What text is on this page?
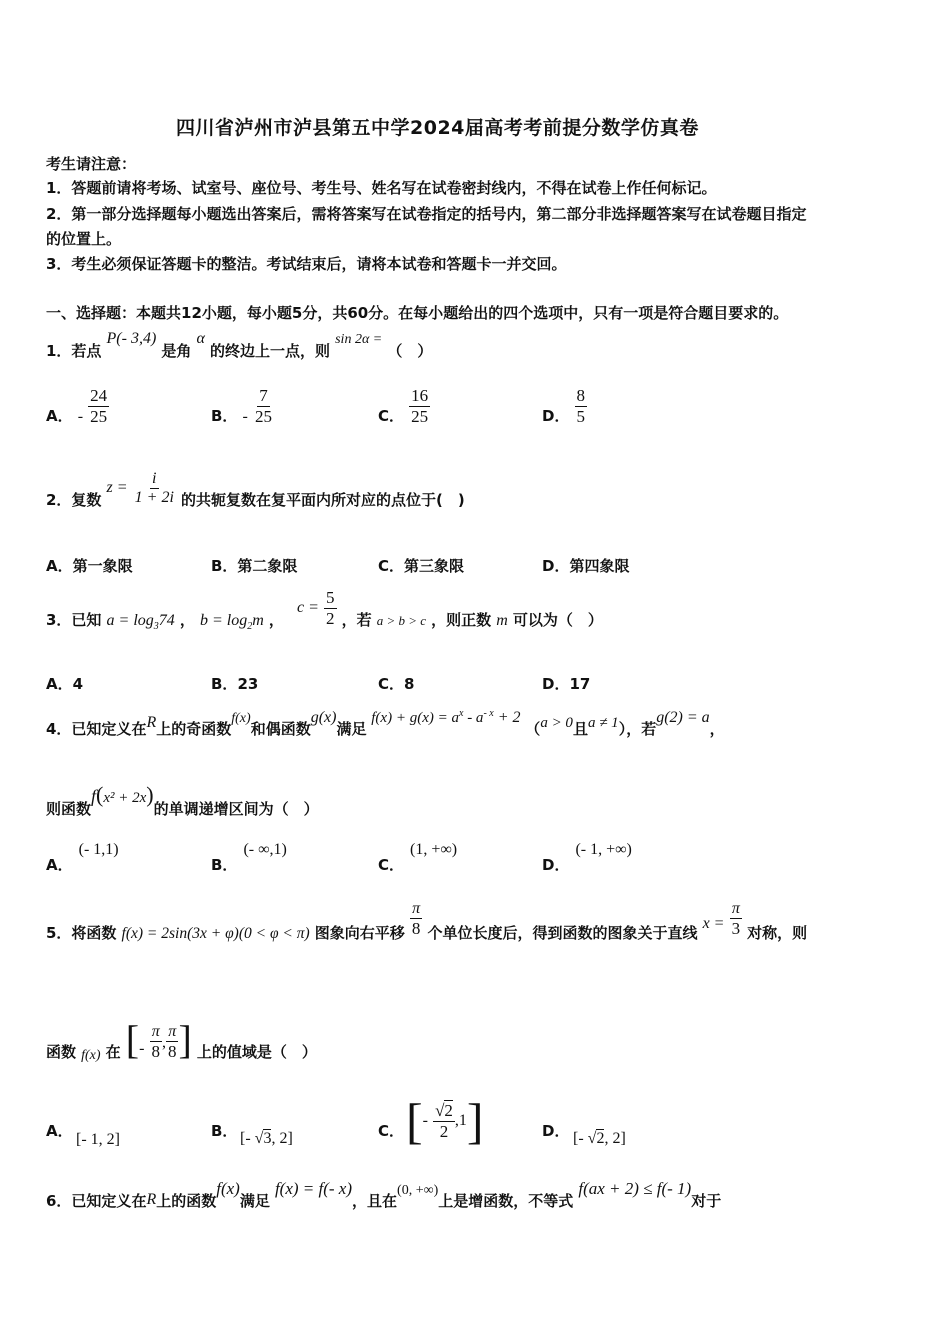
四川省泸州市泸县第五中学2024届高考考前提分数学仿真卷
考生请注意：
1．答题前请将考场、试室号、座位号、考生号、姓名写在试卷密封线内，不得在试卷上作任何标记。
2．第一部分选择题每小题选出答案后，需将答案写在试卷指定的括号内，第二部分非选择题答案写在试卷题目指定
的位置上。
3．考生必须保证答题卡的整洁。考试结束后，请将本试卷和答题卡一并交回。
一、选择题：本题共12小题，每小题5分，共60分。在每小题给出的四个选项中，只有一项是符合题目要求的。
1．若点 P(- 3,4) 是角 α 的终边上一点，则 sin 2α = （　）
A． - $\frac{24}{25}$	B． - $\frac{7}{25}$	C． $\frac{16}{25}$	D． $\frac{8}{5}$
2．复数 $z = \frac{i}{1 + 2i}$ 的共轭复数在复平面内所对应的点位于(　)
A．第一象限	B．第二象限	C．第三象限	D．第四象限
3．已知 $a = \log_374$ ， $b = \log_2m$ ， $c = \frac{5}{2}$ ，若 $_{a > b > c}$ ，则正数 m 可以为（　）
A．4	B．23	C．8	D．17
4．已知定义在R上的奇函数f(x)和偶函数g(x)满足 $f(x) + g(x) = a^x - a^{- x} + 2$ （a > 0且a ≠ 1），若g(2) = a，
则函数f(x² + 2x)的单调递增区间为（　）
A．(- 1,1)
B．(- ∞,1)
C．(1, +∞)
D．(- 1, +∞)
5．将函数 f(x) = 2sin(3x + φ)(0 < φ < π) 图象向右平移 $\frac{\pi}{8}$ 个单位长度后，得到函数的图象关于直线 $x = \frac{\pi}{3}$ 对称，则
函数 f(x) 在 [- $\frac{\pi}{8}$ , $\frac{\pi}{8}$ ] 上的值域是（　）
A． [- 1, 2]	B． [- √3, 2]	C． [- $\frac{√2}{2} ,1$]	D． [- √2, 2]
6．已知定义在R上的函数f(x)满足 f(x) = f(- x)，且在(0, +∞)上是增函数，不等式 f(ax + 2) ≤ f(- 1)对于
